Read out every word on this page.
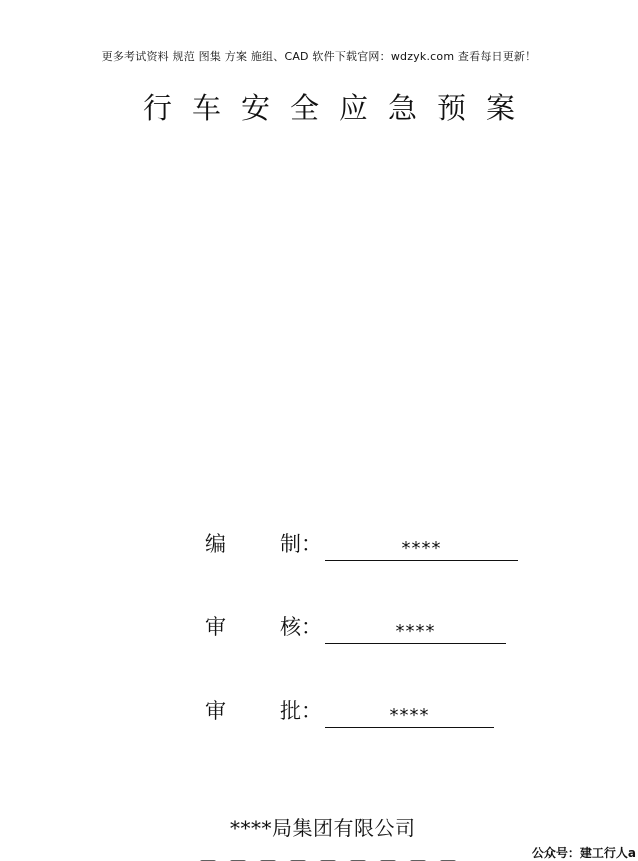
更多考试资料 规范 图集 方案 施组、CAD 软件下载官网：wdzyk.com 查看每日更新！
行车安全应急预案
编	制：	****
审	核：	****
审	批：	****
****局集团有限公司
公众号：建工行人a
